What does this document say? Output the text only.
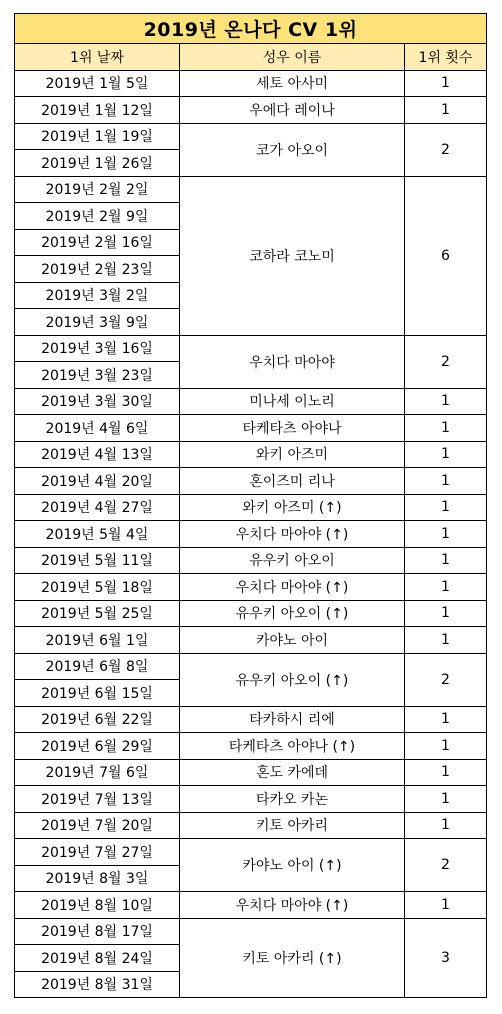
2019년 온나다 CV 1위		
1위 날짜	성우 이름	1위 횟수
2019년 1월 5일	세토 아사미	1
2019년 1월 12일	우에다 레이나	1
2019년 1월 19일	코가 아오이	2
2019년 1월 26일		
2019년 2월 2일	코하라 코노미	6
2019년 2월 9일		
2019년 2월 16일		
2019년 2월 23일		
2019년 3월 2일		
2019년 3월 9일		
2019년 3월 16일	우치다 마아야	2
2019년 3월 23일		
2019년 3월 30일	미나세 이노리	1
2019년 4월 6일	타케타츠 아야나	1
2019년 4월 13일	와키 아즈미	1
2019년 4월 20일	혼이즈미 리나	1
2019년 4월 27일	와키 아즈미 (↑)	1
2019년 5월 4일	우치다 마아야 (↑)	1
2019년 5월 11일	유우키 아오이	1
2019년 5월 18일	우치다 마아야 (↑)	1
2019년 5월 25일	유우키 아오이 (↑)	1
2019년 6월 1일	카야노 아이	1
2019년 6월 8일	유우키 아오이 (↑)	2
2019년 6월 15일		
2019년 6월 22일	타카하시 리에	1
2019년 6월 29일	타케타츠 아야나 (↑)	1
2019년 7월 6일	혼도 카에데	1
2019년 7월 13일	타카오 카논	1
2019년 7월 20일	키토 아카리	1
2019년 7월 27일	카야노 아이 (↑)	2
2019년 8월 3일		
2019년 8월 10일	우치다 마아야 (↑)	1
2019년 8월 17일	키토 아카리 (↑)	3
2019년 8월 24일		
2019년 8월 31일		
